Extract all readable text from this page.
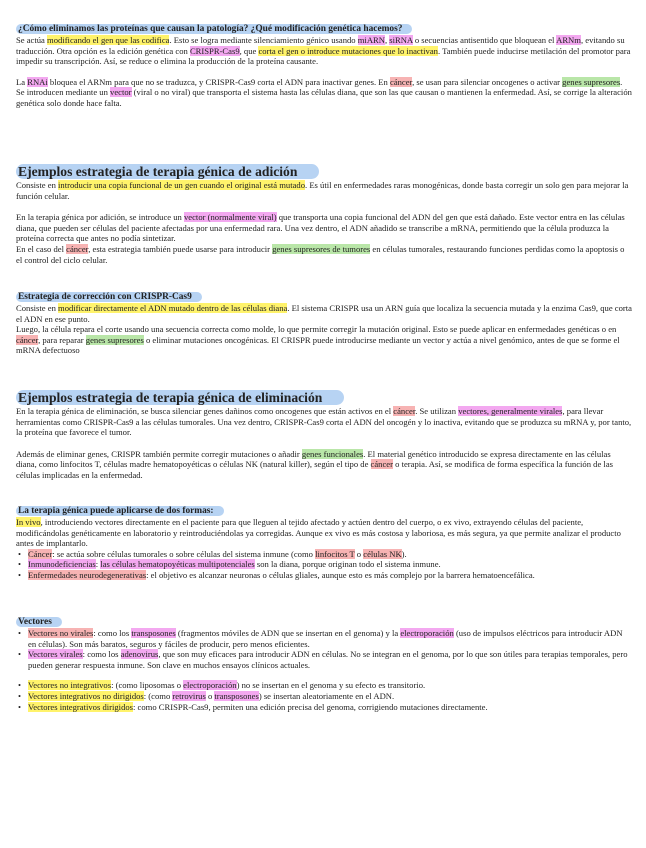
¿Cómo eliminamos las proteínas que causan la patología? ¿Qué modificación genética hacemos?

Se actúa modificando el gen que las codifica. Esto se logra mediante silenciamiento génico usando miARN, siRNA o secuencias antisentido que bloquean el ARNm, evitando su traducción. Otra opción es la edición genética con CRISPR-Cas9, que corta el gen o introduce mutaciones que lo inactivan. También puede inducirse metilación del promotor para impedir su transcripción. Así, se reduce o elimina la producción de la proteína causante.

La RNAi bloquea el ARNm para que no se traduzca, y CRISPR-Cas9 corta el ADN para inactivar genes. En cáncer, se usan para silenciar oncogenes o activar genes supresores. Se introducen mediante un vector (viral o no viral) que transporta el sistema hasta las células diana, que son las que causan o mantienen la enfermedad. Así, se corrige la alteración genética solo donde hace falta.

Ejemplos estrategia de terapia génica de adición

Consiste en introducir una copia funcional de un gen cuando el original está mutado. Es útil en enfermedades raras monogénicas, donde basta corregir un solo gen para mejorar la función celular.

En la terapia génica por adición, se introduce un vector (normalmente viral) que transporta una copia funcional del ADN del gen que está dañado. Este vector entra en las células diana, que pueden ser células del paciente afectadas por una enfermedad rara. Una vez dentro, el ADN añadido se transcribe a mRNA, permitiendo que la célula produzca la proteína correcta que antes no podía sintetizar.

En el caso del cáncer, esta estrategia también puede usarse para introducir genes supresores de tumores en células tumorales, restaurando funciones perdidas como la apoptosis o el control del ciclo celular.

Estrategia de corrección con CRISPR-Cas9

Consiste en modificar directamente el ADN mutado dentro de las células diana. El sistema CRISPR usa un ARN guía que localiza la secuencia mutada y la enzima Cas9, que corta el ADN en ese punto.

Luego, la célula repara el corte usando una secuencia correcta como molde, lo que permite corregir la mutación original. Esto se puede aplicar en enfermedades genéticas o en cáncer, para reparar genes supresores o eliminar mutaciones oncogénicas. El CRISPR puede introducirse mediante un vector y actúa a nivel genómico, antes de que se forme el mRNA defectuoso

Ejemplos estrategia de terapia génica de eliminación

En la terapia génica de eliminación, se busca silenciar genes dañinos como oncogenes que están activos en el cáncer. Se utilizan vectores, generalmente virales, para llevar herramientas como CRISPR-Cas9 a las células tumorales. Una vez dentro, CRISPR-Cas9 corta el ADN del oncogén y lo inactiva, evitando que se produzca su mRNA y, por tanto, la proteína que favorece el tumor.

Además de eliminar genes, CRISPR también permite corregir mutaciones o añadir genes funcionales. El material genético introducido se expresa directamente en las células diana, como linfocitos T, células madre hematopoyéticas o células NK (natural killer), según el tipo de cáncer o terapia. Así, se modifica de forma específica la función de las células implicadas en la enfermedad.

La terapia génica puede aplicarse de dos formas:

In vivo, introduciendo vectores directamente en el paciente para que lleguen al tejido afectado y actúen dentro del cuerpo, o ex vivo, extrayendo células del paciente, modificándolas genéticamente en laboratorio y reintroduciéndolas ya corregidas. Aunque ex vivo es más costosa y laboriosa, es más segura, ya que permite analizar el producto antes de implantarlo.

• Cáncer: se actúa sobre células tumorales o sobre células del sistema inmune (como linfocitos T o células NK).
• Inmunodeficiencias: las células hematopoyéticas multipotenciales son la diana, porque originan todo el sistema inmune.
• Enfermedades neurodegenerativas: el objetivo es alcanzar neuronas o células gliales, aunque esto es más complejo por la barrera hematoencefálica.
Vectores
• Vectores no virales: como los transposones (fragmentos móviles de ADN que se insertan en el genoma) y la electroporación (uso de impulsos eléctricos para introducir ADN en células). Son más baratos, seguros y fáciles de producir, pero menos eficientes.
• Vectores virales: como los adenovirus, que son muy eficaces para introducir ADN en células. No se integran en el genoma, por lo que son útiles para terapias temporales, pero pueden generar respuesta inmune. Son clave en muchos ensayos clínicos actuales.
• Vectores no integrativos: (como liposomas o electroporación) no se insertan en el genoma y su efecto es transitorio.
• Vectores integrativos no dirigidos: (como retrovirus o transposones) se insertan aleatoriamente en el ADN.
• Vectores integrativos dirigidos: como CRISPR-Cas9, permiten una edición precisa del genoma, corrigiendo mutaciones directamente.
